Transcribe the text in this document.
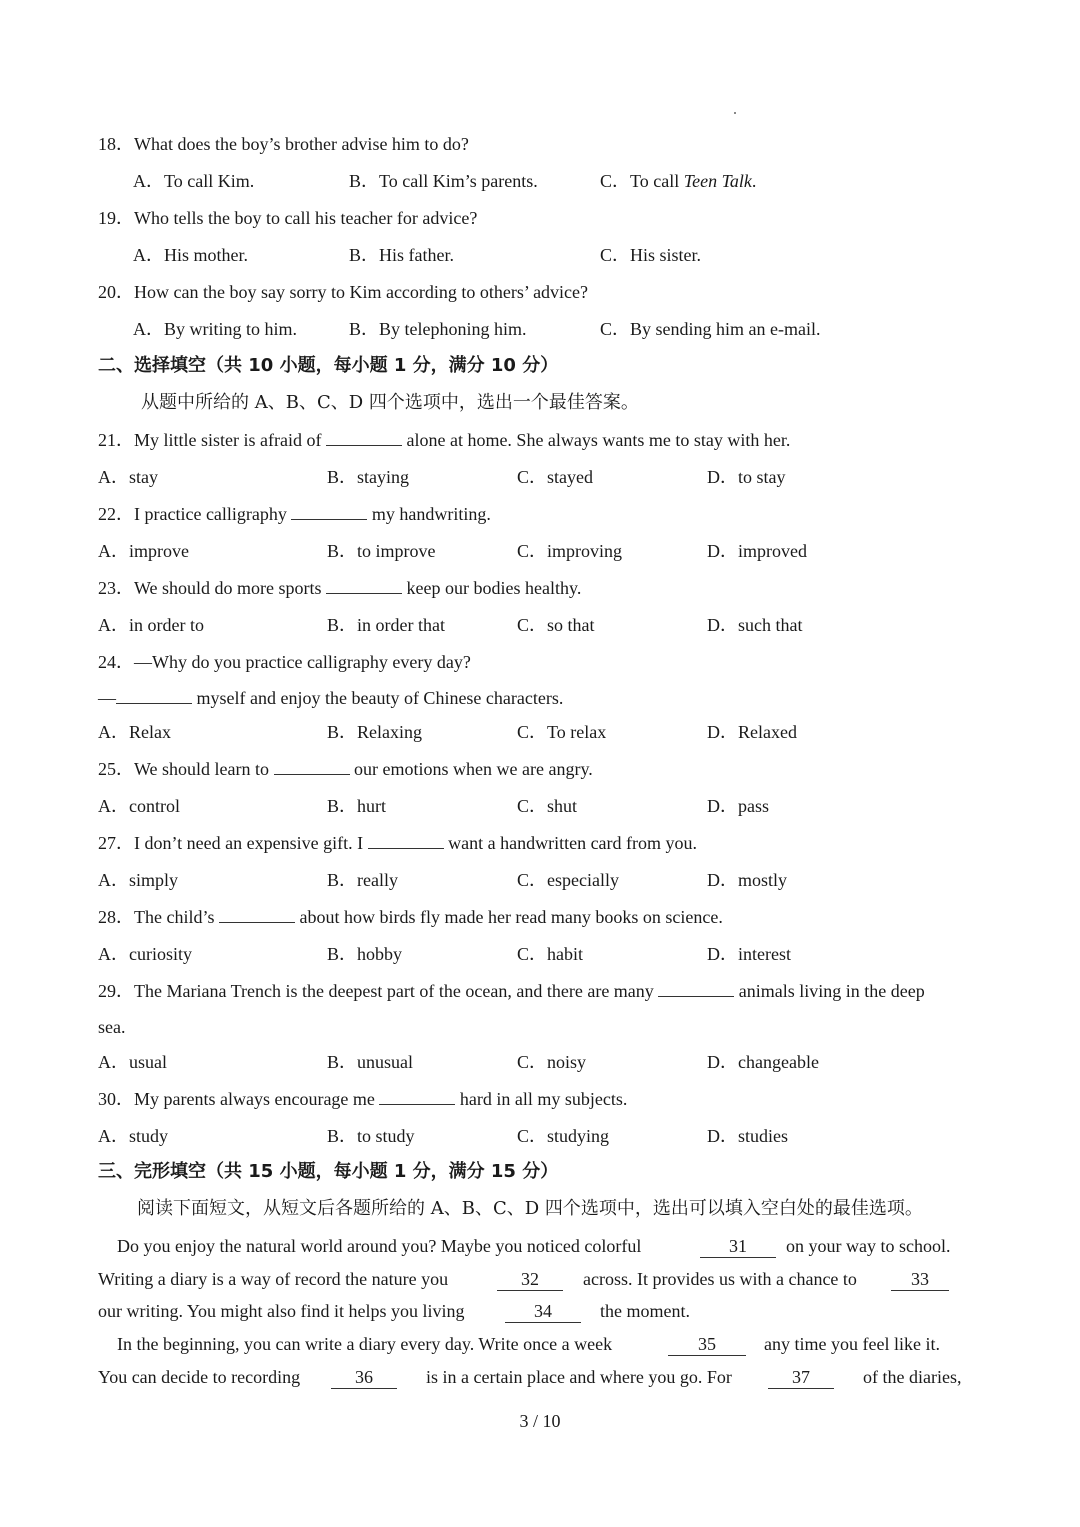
18．What does the boy’s brother advise him to do?
A．To call Kim.	B．To call Kim’s parents.	C．To call Teen Talk.
19．Who tells the boy to call his teacher for advice?
A．His mother.	B．His father.	C．His sister.
20．How can the boy say sorry to Kim according to others’ advice?
A．By writing to him.	B．By telephoning him.	C．By sending him an e-mail.
二、选择填空（共 10 小题，每小题 1 分，满分 10 分）
从题中所给的 A、B、C、D 四个选项中，选出一个最佳答案。
21．My little sister is afraid of	alone at home. She always wants me to stay with her.
A．stay	B．staying	C．stayed	D．to stay
22．I practice calligraphy	my handwriting.
A．improve	B．to improve	C．improving	D．improved
23．We should do more sports	keep our bodies healthy.
A．in order to	B．in order that	C．so that	D．such that
24．—Why do you practice calligraphy every day?
—	myself and enjoy the beauty of Chinese characters.
A．Relax	B．Relaxing	C．To relax	D．Relaxed
25．We should learn to	our emotions when we are angry.
A．control	B．hurt	C．shut	D．pass
27．I don’t need an expensive gift. I	want a handwritten card from you.
A．simply	B．really	C．especially	D．mostly
28．The child’s	about how birds fly made her read many books on science.
A．curiosity	B．hobby	C．habit	D．interest
29．The Mariana Trench is the deepest part of the ocean, and there are many	animals living in the deep
sea.
A．usual	B．unusual	C．noisy	D．changeable
30．My parents always encourage me	hard in all my subjects.
A．study	B．to study	C．studying	D．studies
三、完形填空（共 15 小题，每小题 1 分，满分 15 分）
阅读下面短文，从短文后各题所给的 A、B、C、D 四个选项中，选出可以填入空白处的最佳选项。
Do you enjoy the natural world around you? Maybe you noticed colorful	31	on your way to school.
Writing a diary is a way of record the nature you	32	across. It provides us with a chance to	33
our writing. You might also find it helps you living	34	the moment.
In the beginning, you can write a diary every day. Write once a week	35	any time you feel like it.
You can decide to recording	36	is in a certain place and where you go. For	37	of the diaries,
3 / 10
